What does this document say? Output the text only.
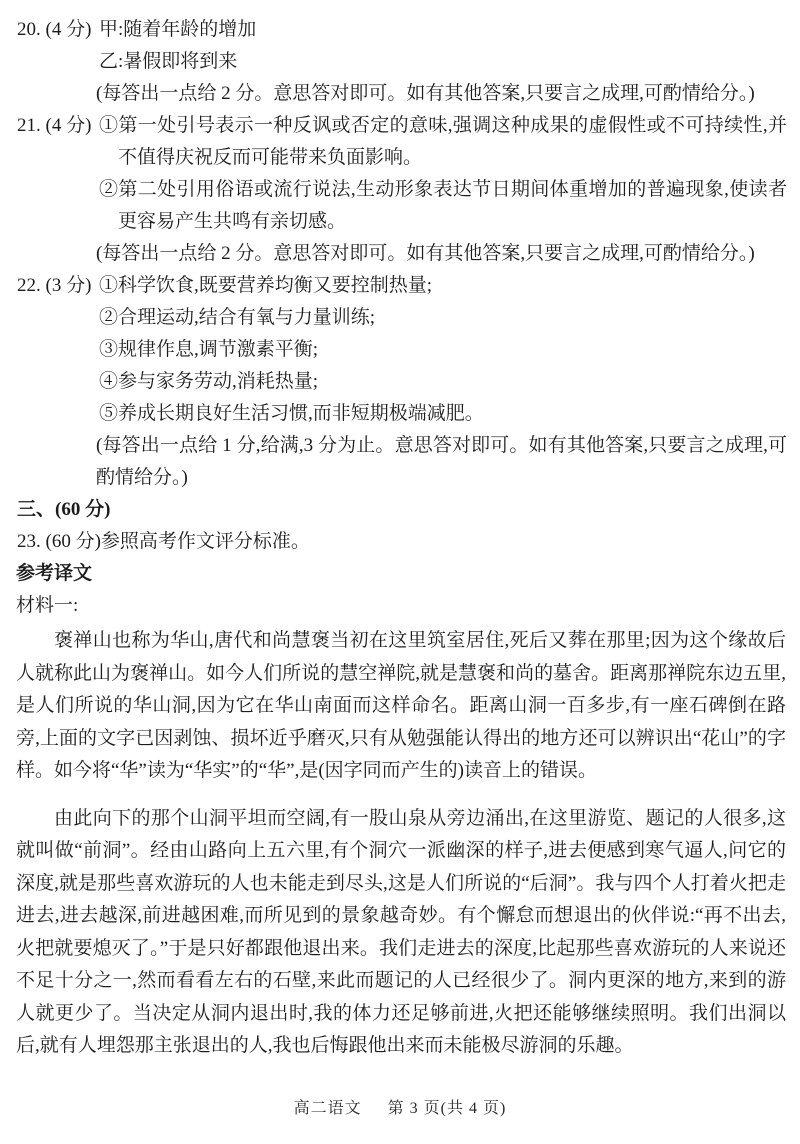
20. (4 分) 甲:随着年龄的增加

乙:暑假即将到来

(每答出一点给 2 分。意思答对即可。如有其他答案,只要言之成理,可酌情给分。)

21. (4 分) ①第一处引号表示一种反讽或否定的意味,强调这种成果的虚假性或不可持续性,并不值得庆祝反而可能带来负面影响。

②第二处引用俗语或流行说法,生动形象表达节日期间体重增加的普遍现象,使读者更容易产生共鸣有亲切感。

(每答出一点给 2 分。意思答对即可。如有其他答案,只要言之成理,可酌情给分。)

22. (3 分) ①科学饮食,既要营养均衡又要控制热量;

②合理运动,结合有氧与力量训练;

③规律作息,调节激素平衡;

④参与家务劳动,消耗热量;

⑤养成长期良好生活习惯,而非短期极端减肥。

(每答出一点给 1 分,给满,3 分为止。意思答对即可。如有其他答案,只要言之成理,可酌情给分。)

三、(60 分)

23. (60 分)参照高考作文评分标准。

参考译文

材料一:

褒禅山也称为华山,唐代和尚慧褒当初在这里筑室居住,死后又葬在那里;因为这个缘故后人就称此山为褒禅山。如今人们所说的慧空禅院,就是慧褒和尚的墓舍。距离那禅院东边五里,是人们所说的华山洞,因为它在华山南面而这样命名。距离山洞一百多步,有一座石碑倒在路旁,上面的文字已因剥蚀、损坏近乎磨灭,只有从勉强能认得出的地方还可以辨识出“花山”的字样。如今将“华”读为“华实”的“华”,是(因字同而产生的)读音上的错误。

由此向下的那个山洞平坦而空阔,有一股山泉从旁边涌出,在这里游览、题记的人很多,这就叫做“前洞”。经由山路向上五六里,有个洞穴一派幽深的样子,进去便感到寒气逼人,问它的深度,就是那些喜欢游玩的人也未能走到尽头,这是人们所说的“后洞”。我与四个人打着火把走进去,进去越深,前进越困难,而所见到的景象越奇妙。有个懈怠而想退出的伙伴说:“再不出去,火把就要熄灭了。”于是只好都跟他退出来。我们走进去的深度,比起那些喜欢游玩的人来说还不足十分之一,然而看看左右的石壁,来此而题记的人已经很少了。洞内更深的地方,来到的游人就更少了。当决定从洞内退出时,我的体力还足够前进,火把还能够继续照明。我们出洞以后,就有人埋怨那主张退出的人,我也后悔跟他出来而未能极尽游洞的乐趣。

高二语文 第 3 页(共 4 页)
